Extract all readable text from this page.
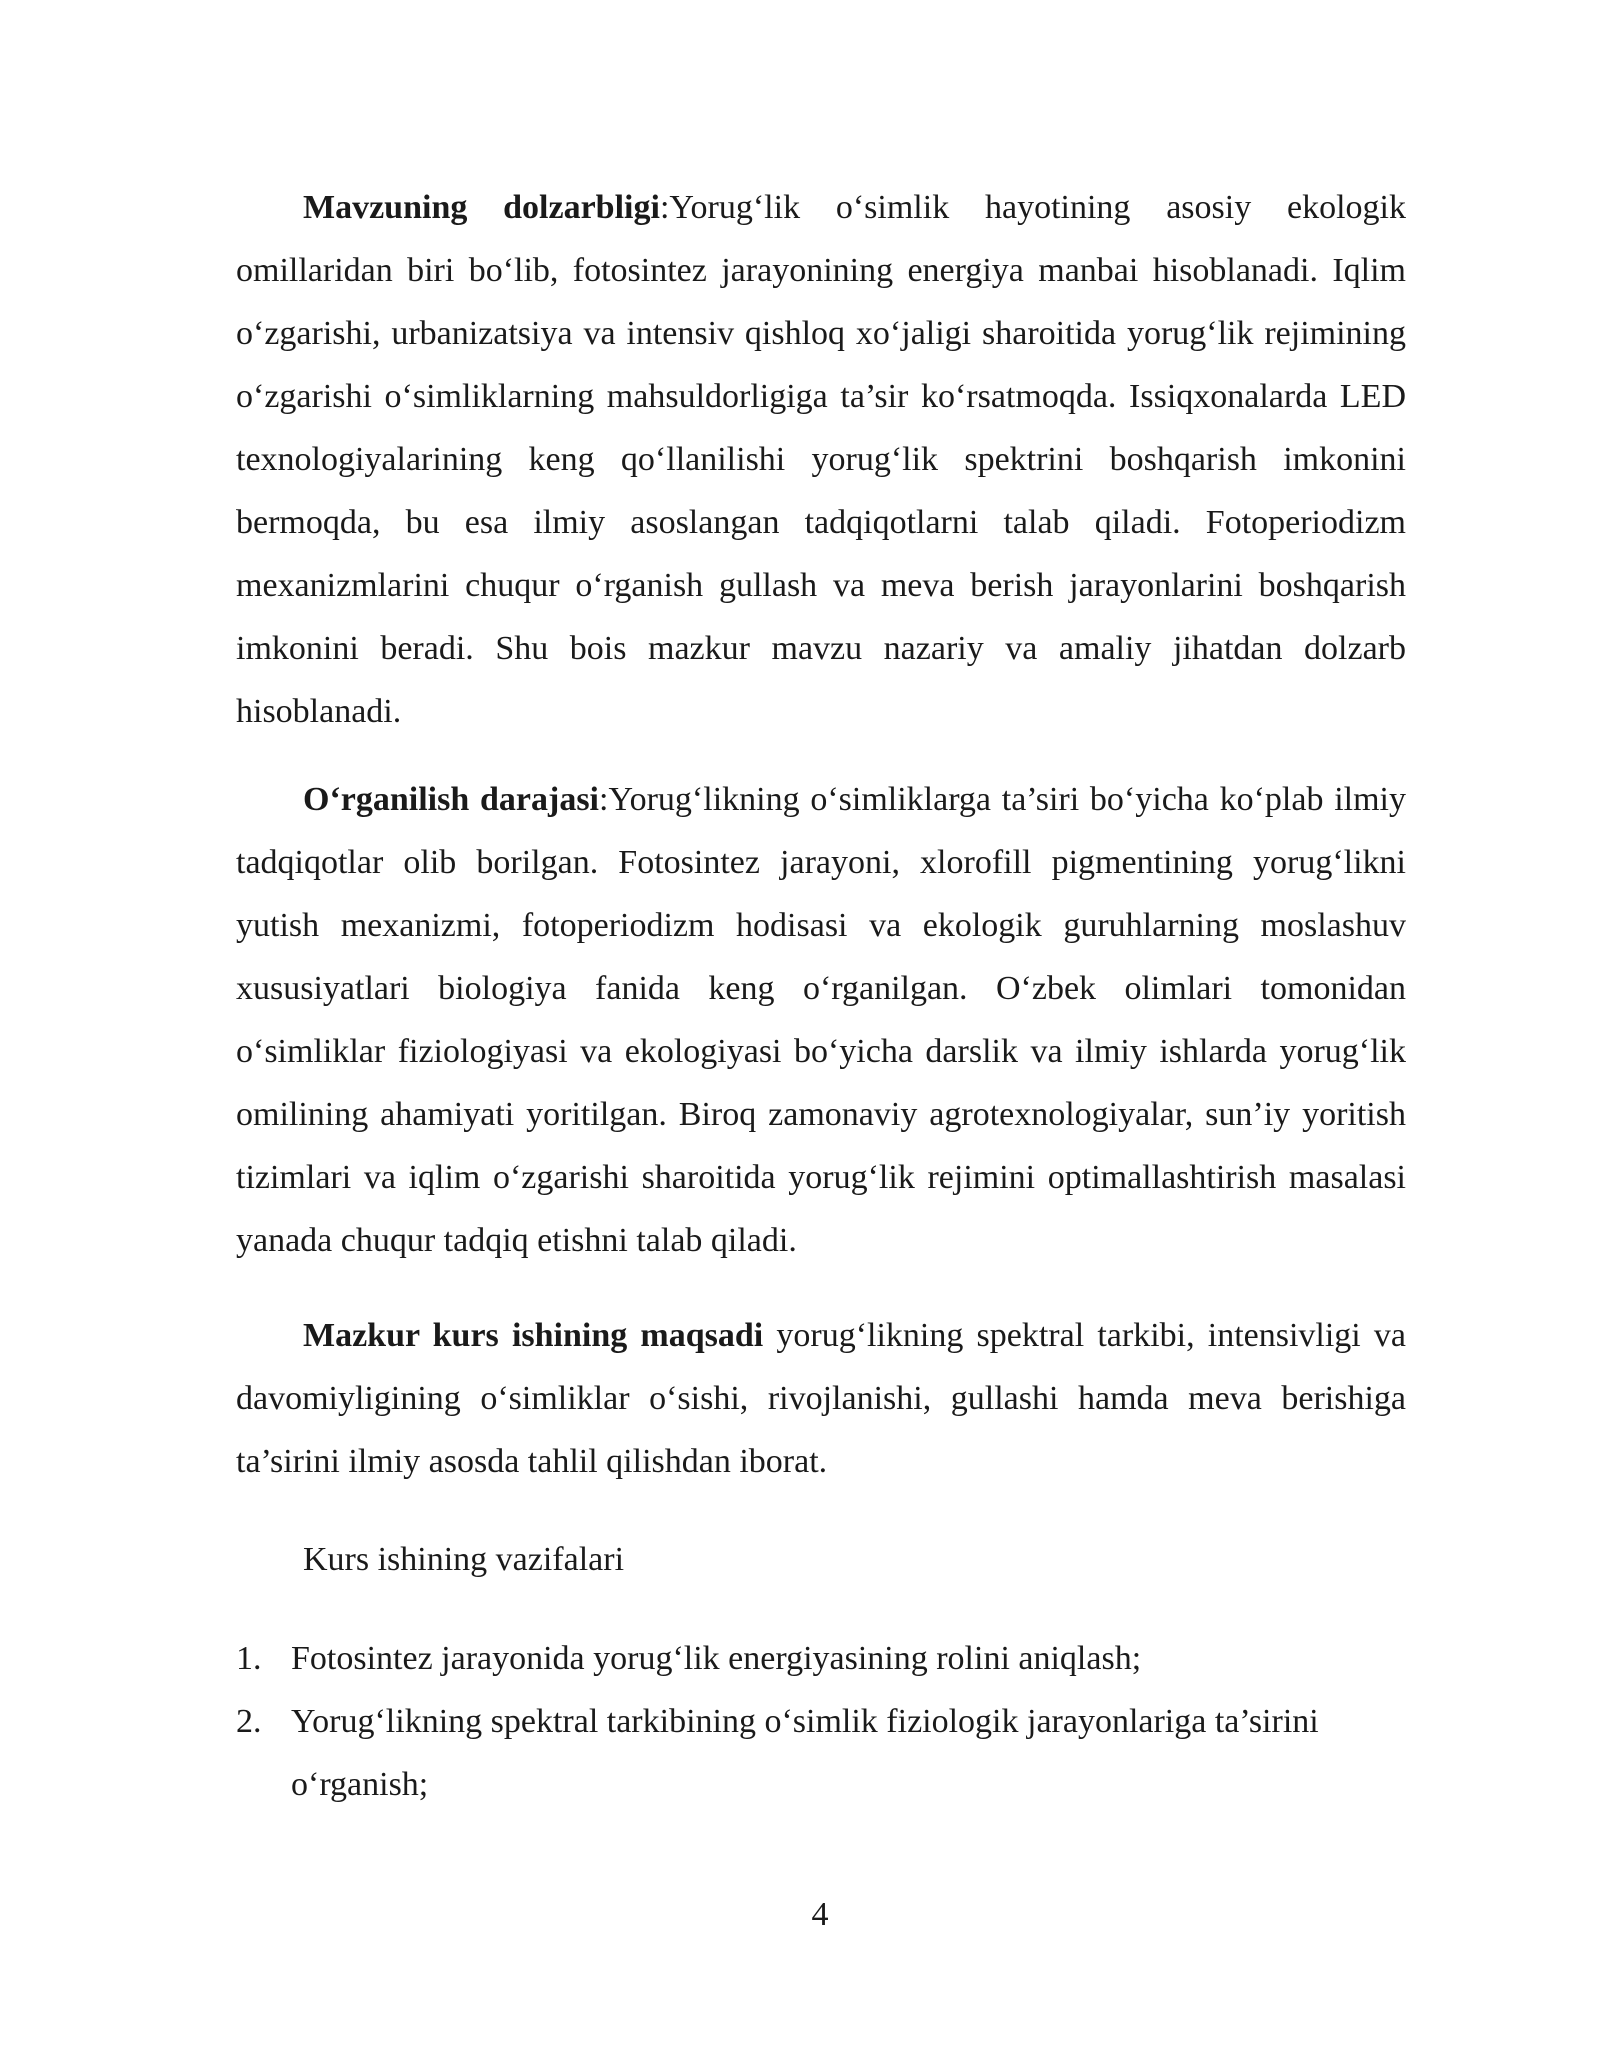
Mavzuning dolzarbligi:Yorug‘lik o‘simlik hayotining asosiy ekologik omillaridan biri bo‘lib, fotosintez jarayonining energiya manbai hisoblanadi. Iqlim o‘zgarishi, urbanizatsiya va intensiv qishloq xo‘jaligi sharoitida yorug‘lik rejimining o‘zgarishi o‘simliklarning mahsuldorligiga ta’sir ko‘rsatmoqda. Issiqxonalarda LED texnologiyalarining keng qo‘llanilishi yorug‘lik spektrini boshqarish imkonini bermoqda, bu esa ilmiy asoslangan tadqiqotlarni talab qiladi. Fotoperiodizm mexanizmlarini chuqur o‘rganish gullash va meva berish jarayonlarini boshqarish imkonini beradi. Shu bois mazkur mavzu nazariy va amaliy jihatdan dolzarb hisoblanadi.

O‘rganilish darajasi:Yorug‘likning o‘simliklarga ta’siri bo‘yicha ko‘plab ilmiy tadqiqotlar olib borilgan. Fotosintez jarayoni, xlorofill pigmentining yorug‘likni yutish mexanizmi, fotoperiodizm hodisasi va ekologik guruhlarning moslashuv xususiyatlari biologiya fanida keng o‘rganilgan. O‘zbek olimlari tomonidan o‘simliklar fiziologiyasi va ekologiyasi bo‘yicha darslik va ilmiy ishlarda yorug‘lik omilining ahamiyati yoritilgan. Biroq zamonaviy agrotexnologiyalar, sun’iy yoritish tizimlari va iqlim o‘zgarishi sharoitida yorug‘lik rejimini optimallashtirish masalasi yanada chuqur tadqiq etishni talab qiladi.

Mazkur kurs ishining maqsadi yorug‘likning spektral tarkibi, intensivligi va davomiyligining o‘simliklar o‘sishi, rivojlanishi, gullashi hamda meva berishiga ta’sirini ilmiy asosda tahlil qilishdan iborat.

Kurs ishining vazifalari

1. Fotosintez jarayonida yorug‘lik energiyasining rolini aniqlash;
2. Yorug‘likning spektral tarkibining o‘simlik fiziologik jarayonlariga ta’sirini o‘rganish;
4
